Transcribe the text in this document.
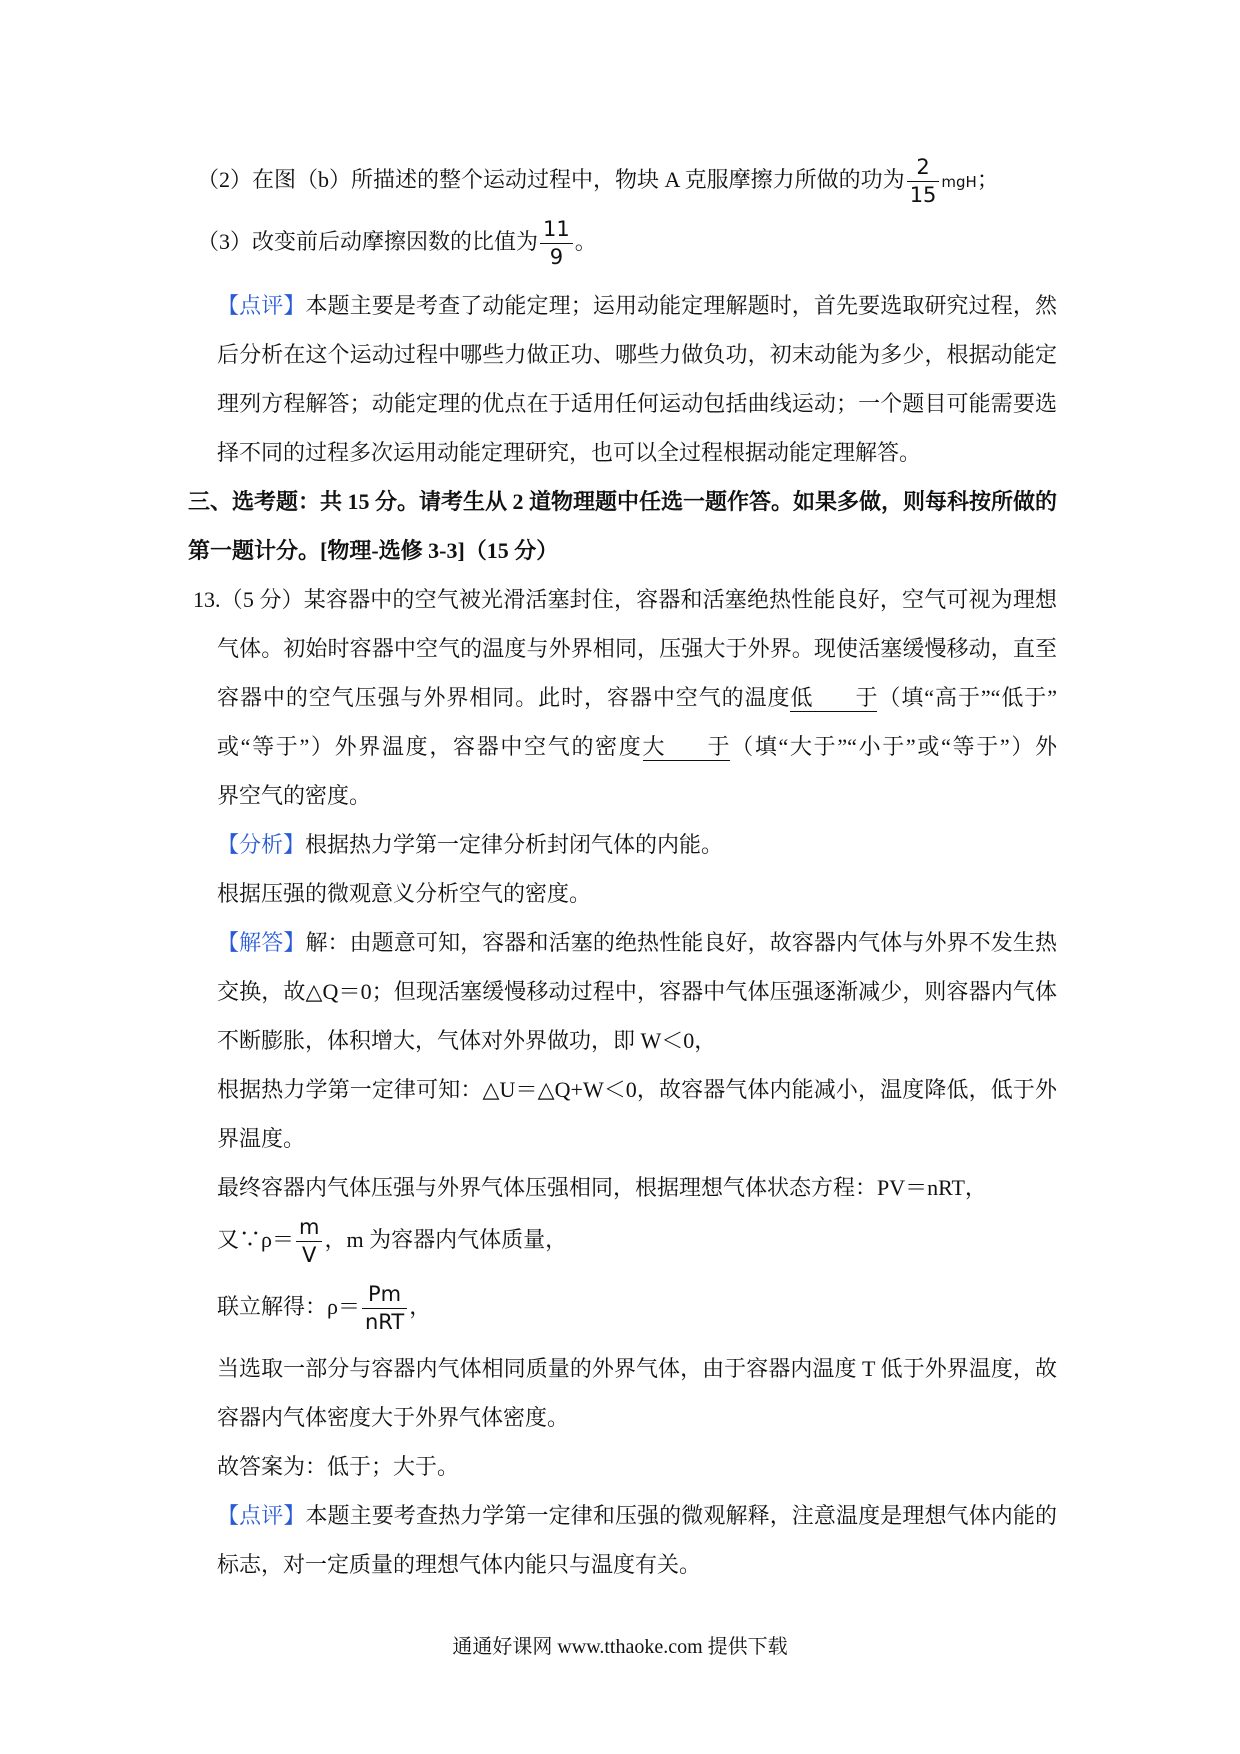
（2）在图（b）所描述的整个运动过程中，物块 A 克服摩擦力所做的功为 $\frac{2}{15}$ mgH；
（3）改变前后动摩擦因数的比值为 $\frac{11}{9}$ 。
【点评】本题主要是考查了动能定理；运用动能定理解题时，首先要选取研究过程，然
后分析在这个运动过程中哪些力做正功、哪些力做负功，初末动能为多少，根据动能定
理列方程解答；动能定理的优点在于适用任何运动包括曲线运动；一个题目可能需要选
择不同的过程多次运用动能定理研究，也可以全过程根据动能定理解答。
三、选考题：共 15 分。请考生从 2 道物理题中任选一题作答。如果多做，则每科按所做的
第一题计分。[物理-选修 3-3]（15 分）
13.（5 分）某容器中的空气被光滑活塞封住，容器和活塞绝热性能良好，空气可视为理想
气体。初始时容器中空气的温度与外界相同，压强大于外界。现使活塞缓慢移动，直至
容器中的空气压强与外界相同。此时，容器中空气的温度低于（填“高于”“低于”
或“等于”）外界温度，容器中空气的密度大于（填“大于”“小于”或“等于”）外
界空气的密度。
【分析】根据热力学第一定律分析封闭气体的内能。
根据压强的微观意义分析空气的密度。
【解答】解：由题意可知，容器和活塞的绝热性能良好，故容器内气体与外界不发生热
交换，故△Q＝0；但现活塞缓慢移动过程中，容器中气体压强逐渐减少，则容器内气体
不断膨胀，体积增大，气体对外界做功，即 W＜0，
根据热力学第一定律可知：△U＝△Q+W＜0，故容器气体内能减小，温度降低，低于外
界温度。
最终容器内气体压强与外界气体压强相同，根据理想气体状态方程：PV＝nRT，
又∵ρ＝ $\frac{m}{V}$ ，m 为容器内气体质量，
联立解得：$\rho= \frac{Pm}{\text{nRT}}$ ，
当选取一部分与容器内气体相同质量的外界气体，由于容器内温度 T 低于外界温度，故
容器内气体密度大于外界气体密度。
故答案为：低于；大于。
【点评】本题主要考查热力学第一定律和压强的微观解释，注意温度是理想气体内能的
标志，对一定质量的理想气体内能只与温度有关。
通通好课网 www.tthaoke.com 提供下载
